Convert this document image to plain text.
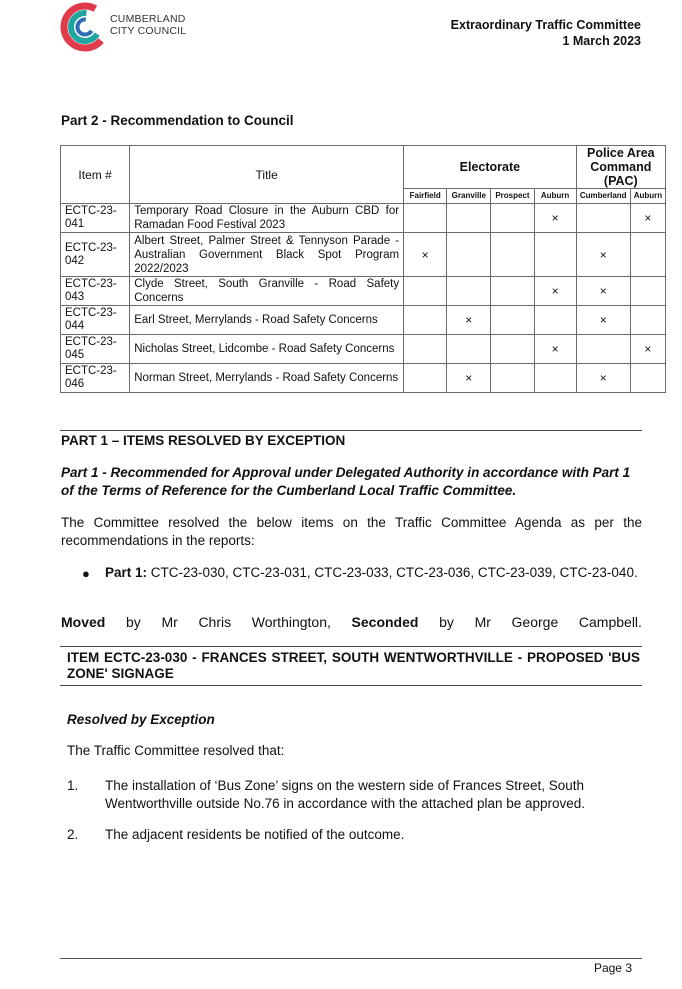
CUMBERLAND
CITY COUNCIL	Extraordinary Traffic Committee
1 March 2023
Part 2 - Recommendation to Council
Item #	Title	Electorate				Police Area Command (PAC)	
		Fairfield	Granville	Prospect	Auburn	Cumberland	Auburn
ECTC-23-041	Temporary Road Closure in the Auburn CBD for Ramadan Food Festival 2023				×		×
ECTC-23-042	Albert Street, Palmer Street & Tennyson Parade - Australian Government Black Spot Program 2022/2023	×				×	
ECTC-23-043	Clyde Street, South Granville - Road Safety Concerns				×	×	
ECTC-23-044	Earl Street, Merrylands - Road Safety Concerns		×			×	
ECTC-23-045	Nicholas Street, Lidcombe - Road Safety Concerns				×		×
ECTC-23-046	Norman Street, Merrylands - Road Safety Concerns		×			×	
PART 1 – ITEMS RESOLVED BY EXCEPTION
Part 1 - Recommended for Approval under Delegated Authority in accordance with Part 1 of the Terms of Reference for the Cumberland Local Traffic Committee.
The Committee resolved the below items on the Traffic Committee Agenda as per the recommendations in the reports:
● Part 1: CTC-23-030, CTC-23-031, CTC-23-033, CTC-23-036, CTC-23-039, CTC-23-040.
Moved by Mr Chris Worthington, Seconded by Mr George Campbell.
ITEM ECTC-23-030 - FRANCES STREET, SOUTH WENTWORTHVILLE - PROPOSED 'BUS ZONE' SIGNAGE
Resolved by Exception
The Traffic Committee resolved that:
1. The installation of ‘Bus Zone’ signs on the western side of Frances Street, South Wentworthville outside No.76 in accordance with the attached plan be approved.
2. The adjacent residents be notified of the outcome.
Page 3
